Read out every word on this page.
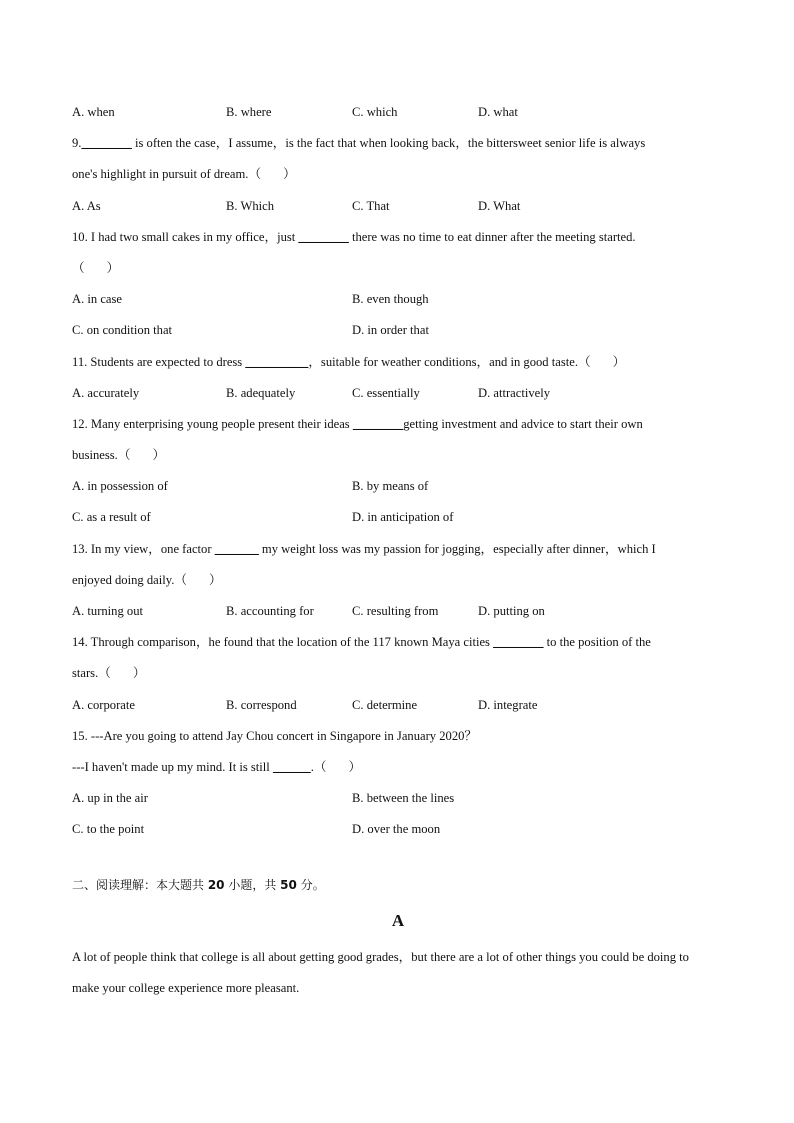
A. when	B. where	C. which	D. what
9.________ is often the case，I assume，is the fact that when looking back，the bittersweet senior life is always
one's highlight in pursuit of dream.（       ）
A. As	B. Which	C. That	D. What
10. I had two small cakes in my office，just ________ there was no time to eat dinner after the meeting started.
（       ）
A. in case	B. even though
C. on condition that	D. in order that
11. Students are expected to dress __________，suitable for weather conditions，and in good taste.（       ）
A. accurately	B. adequately	C. essentially	D. attractively
12. Many enterprising young people present their ideas ________getting investment and advice to start their own
business.（       ）
A. in possession of	B. by means of
C. as a result of	D. in anticipation of
13. In my view，one factor _______ my weight loss was my passion for jogging，especially after dinner，which I
enjoyed doing daily.（       ）
A. turning out	B. accounting for	C. resulting from	D. putting on
14. Through comparison，he found that the location of the 117 known Maya cities ________ to the position of the
stars.（       ）
A. corporate	B. correspond	C. determine	D. integrate
15. ---Are you going to attend Jay Chou concert in Singapore in January 2020？
---I haven't made up my mind. It is still ______.（       ）
A. up in the air	B. between the lines
C. to the point	D. over the moon
二、阅读理解：本大题共 20 小题，共 50 分。
A
A lot of people think that college is all about getting good grades，but there are a lot of other things you could be doing to make your college experience more pleasant.
